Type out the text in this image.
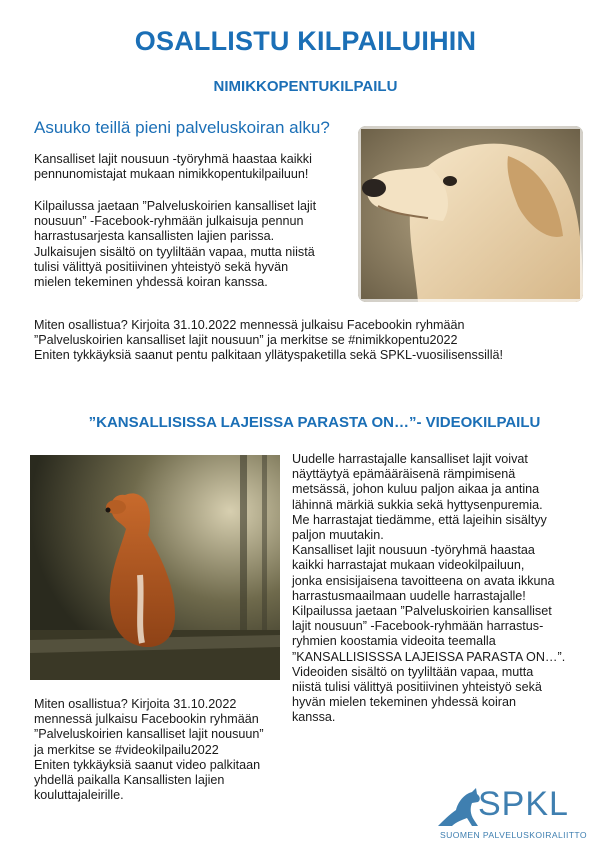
OSALLISTU KILPAILUIHIN
NIMIKKOPENTUKILPAILU
Asuuko teillä pieni palveluskoiran alku?
Kansalliset lajit nousuun -työryhmä haastaa kaikki
pennunomistajat mukaan nimikkopentukilpailuun!
Kilpailussa jaetaan ”Palveluskoirien kansalliset lajit
nousuun” -Facebook-ryhmään julkaisuja pennun
harrastusarjesta kansallisten lajien parissa.
Julkaisujen sisältö on tyyliltään vapaa, mutta niistä
tulisi välittyä positiivinen yhteistyö sekä hyvän
mielen tekeminen yhdessä koiran kanssa.
Miten osallistua? Kirjoita 31.10.2022 mennessä julkaisu Facebookin ryhmään
”Palveluskoirien kansalliset lajit nousuun” ja merkitse se #nimikkopentu2022
Eniten tykkäyksiä saanut pentu palkitaan yllätyspaketilla sekä SPKL-vuosilisenssillä!
”KANSALLISISSA LAJEISSA PARASTA ON…”- VIDEOKILPAILU
Uudelle harrastajalle kansalliset lajit voivat
näyttäytyä epämääräisenä rämpimisenä
metsässä, johon kuluu paljon aikaa ja antina
lähinnä märkiä sukkia sekä hyttysenpuremia.
Me harrastajat tiedämme, että lajeihin sisältyy
paljon muutakin.
Kansalliset lajit nousuun -työryhmä haastaa
kaikki harrastajat mukaan videokilpailuun,
jonka ensisijaisena tavoitteena on avata ikkuna
harrastusmaailmaan uudelle harrastajalle!
Kilpailussa jaetaan ”Palveluskoirien kansalliset
lajit nousuun” -Facebook-ryhmään harrastus-
ryhmien koostamia videoita teemalla
”KANSALLISISSSA LAJEISSA PARASTA ON…”.
Videoiden sisältö on tyyliltään vapaa, mutta
niistä tulisi välittyä positiivinen yhteistyö sekä
hyvän mielen tekeminen yhdessä koiran
kanssa.
Miten osallistua? Kirjoita 31.10.2022
mennessä julkaisu Facebookin ryhmään
”Palveluskoirien kansalliset lajit nousuun”
ja merkitse se #videokilpailu2022
Eniten tykkäyksiä saanut video palkitaan
yhdellä paikalla Kansallisten lajien
kouluttajaleirille.	SPKL
SUOMEN PALVELUSKOIRALIITTO
